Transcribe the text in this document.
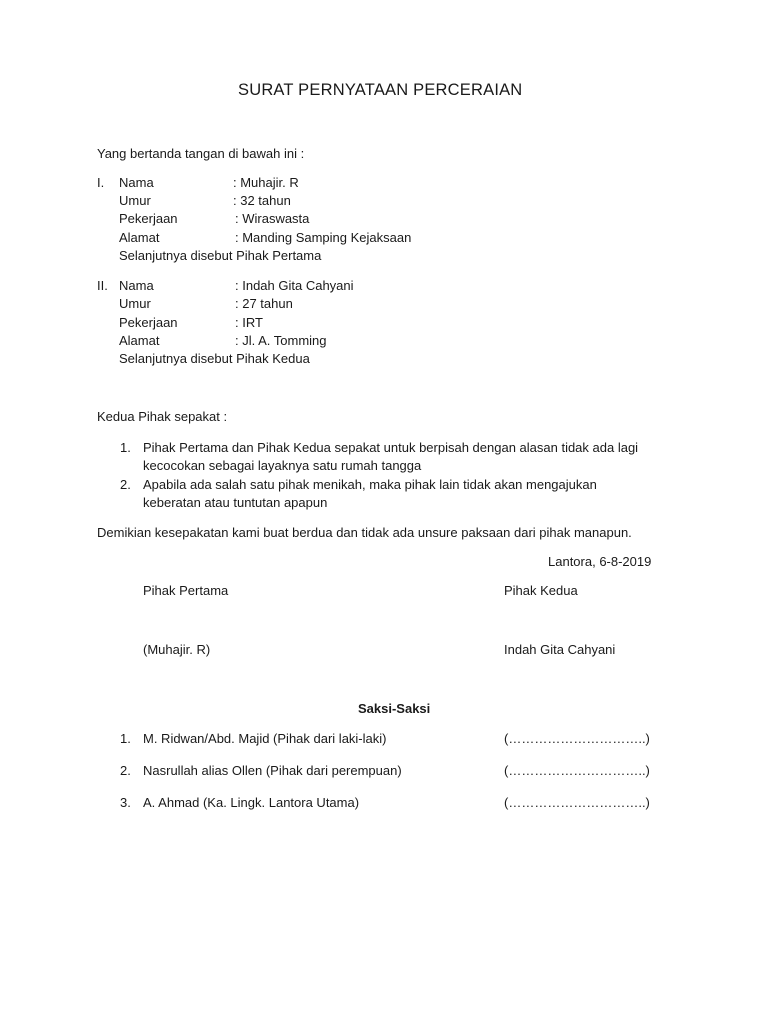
SURAT PERNYATAAN PERCERAIAN
Yang bertanda tangan di bawah ini :
I. Nama	: Muhajir. R
Umur	: 32 tahun
Pekerjaan	: Wiraswasta
Alamat	: Manding Samping Kejaksaan
Selanjutnya disebut Pihak Pertama
II. Nama	: Indah Gita Cahyani
Umur	: 27 tahun
Pekerjaan	: IRT
Alamat	: Jl. A. Tomming
Selanjutnya disebut Pihak Kedua
Kedua Pihak sepakat :
1. Pihak Pertama dan Pihak Kedua sepakat untuk berpisah dengan alasan tidak ada lagi
kecocokan sebagai layaknya satu rumah tangga
2. Apabila ada salah satu pihak menikah, maka pihak lain tidak akan mengajukan
keberatan atau tuntutan apapun
Demikian kesepakatan kami buat berdua dan tidak ada unsure paksaan dari pihak manapun.
Lantora, 6-8-2019
Pihak Pertama	Pihak Kedua
(Muhajir. R)	Indah Gita Cahyani
Saksi-Saksi
1. M. Ridwan/Abd. Majid (Pihak dari laki-laki)	(…………………………..)
2. Nasrullah alias Ollen (Pihak dari perempuan)	(…………………………..)
3. A. Ahmad (Ka. Lingk. Lantora Utama)	(…………………………..)
